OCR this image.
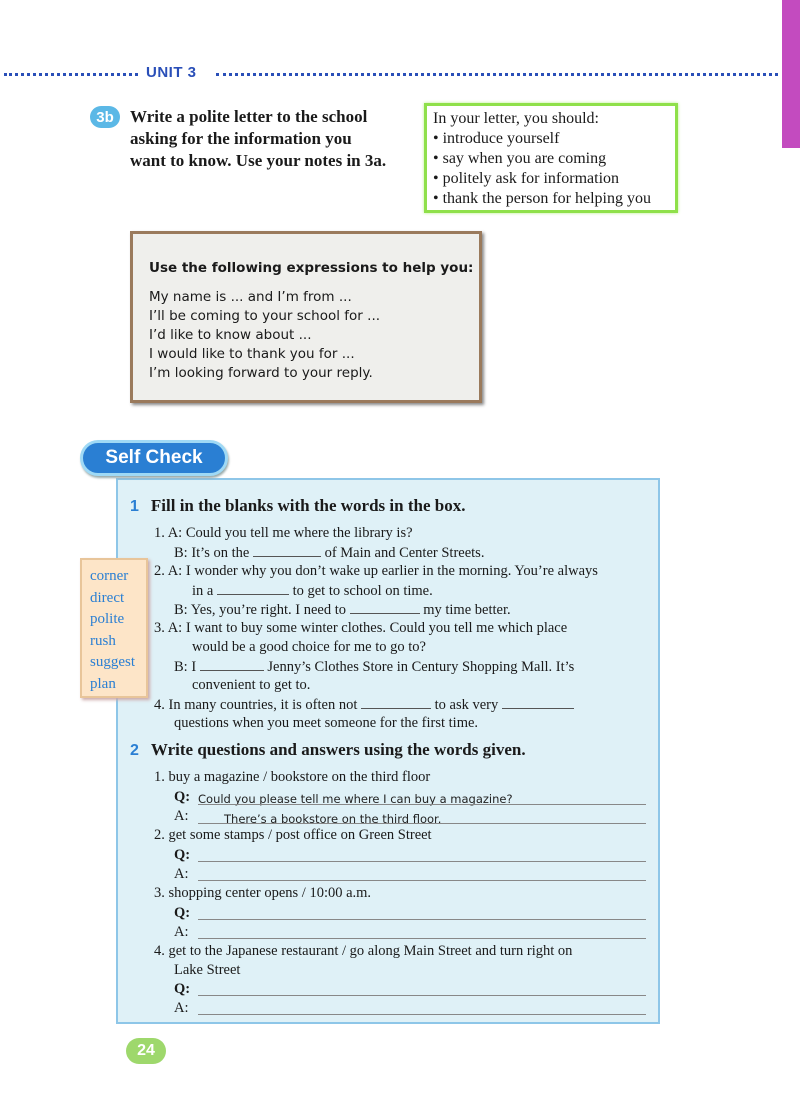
UNIT 3
3b Write a polite letter to the school
asking for the information you
want to know. Use your notes in 3a.
In your letter, you should:
• introduce yourself
• say when you are coming
• politely ask for information
• thank the person for helping you
Use the following expressions to help you:
My name is ... and I’m from ...
I’ll be coming to your school for ...
I’d like to know about ...
I would like to thank you for ...
I’m looking forward to your reply.
1 Fill in the blanks with the words in the box.
1. A: Could you tell me where the library is?
B: It’s on the	of Main and Center Streets.
2. A: I wonder why you don’t wake up earlier in the morning. You’re always
in a	to get to school on time.
B: Yes, you’re right. I need to	my time better.
3. A: I want to buy some winter clothes. Could you tell me which place
would be a good choice for me to go to?
B: I	Jenny’s Clothes Store in Century Shopping Mall. It’s
convenient to get to.
4. In many countries, it is often not	to ask very
questions when you meet someone for the first time.
2 Write questions and answers using the words given.
1. buy a magazine / bookstore on the third floor
Q: Could you please tell me where I can buy a magazine?
A:	There’s a bookstore on the third floor.
2. get some stamps / post office on Green Street
Q:
A:
3. shopping center opens / 10:00 a.m.
Q:
A:
4. get to the Japanese restaurant / go along Main Street and turn right on
Lake Street
Q:
A:
Self Check
corner
direct
polite
rush
suggest
plan
24
